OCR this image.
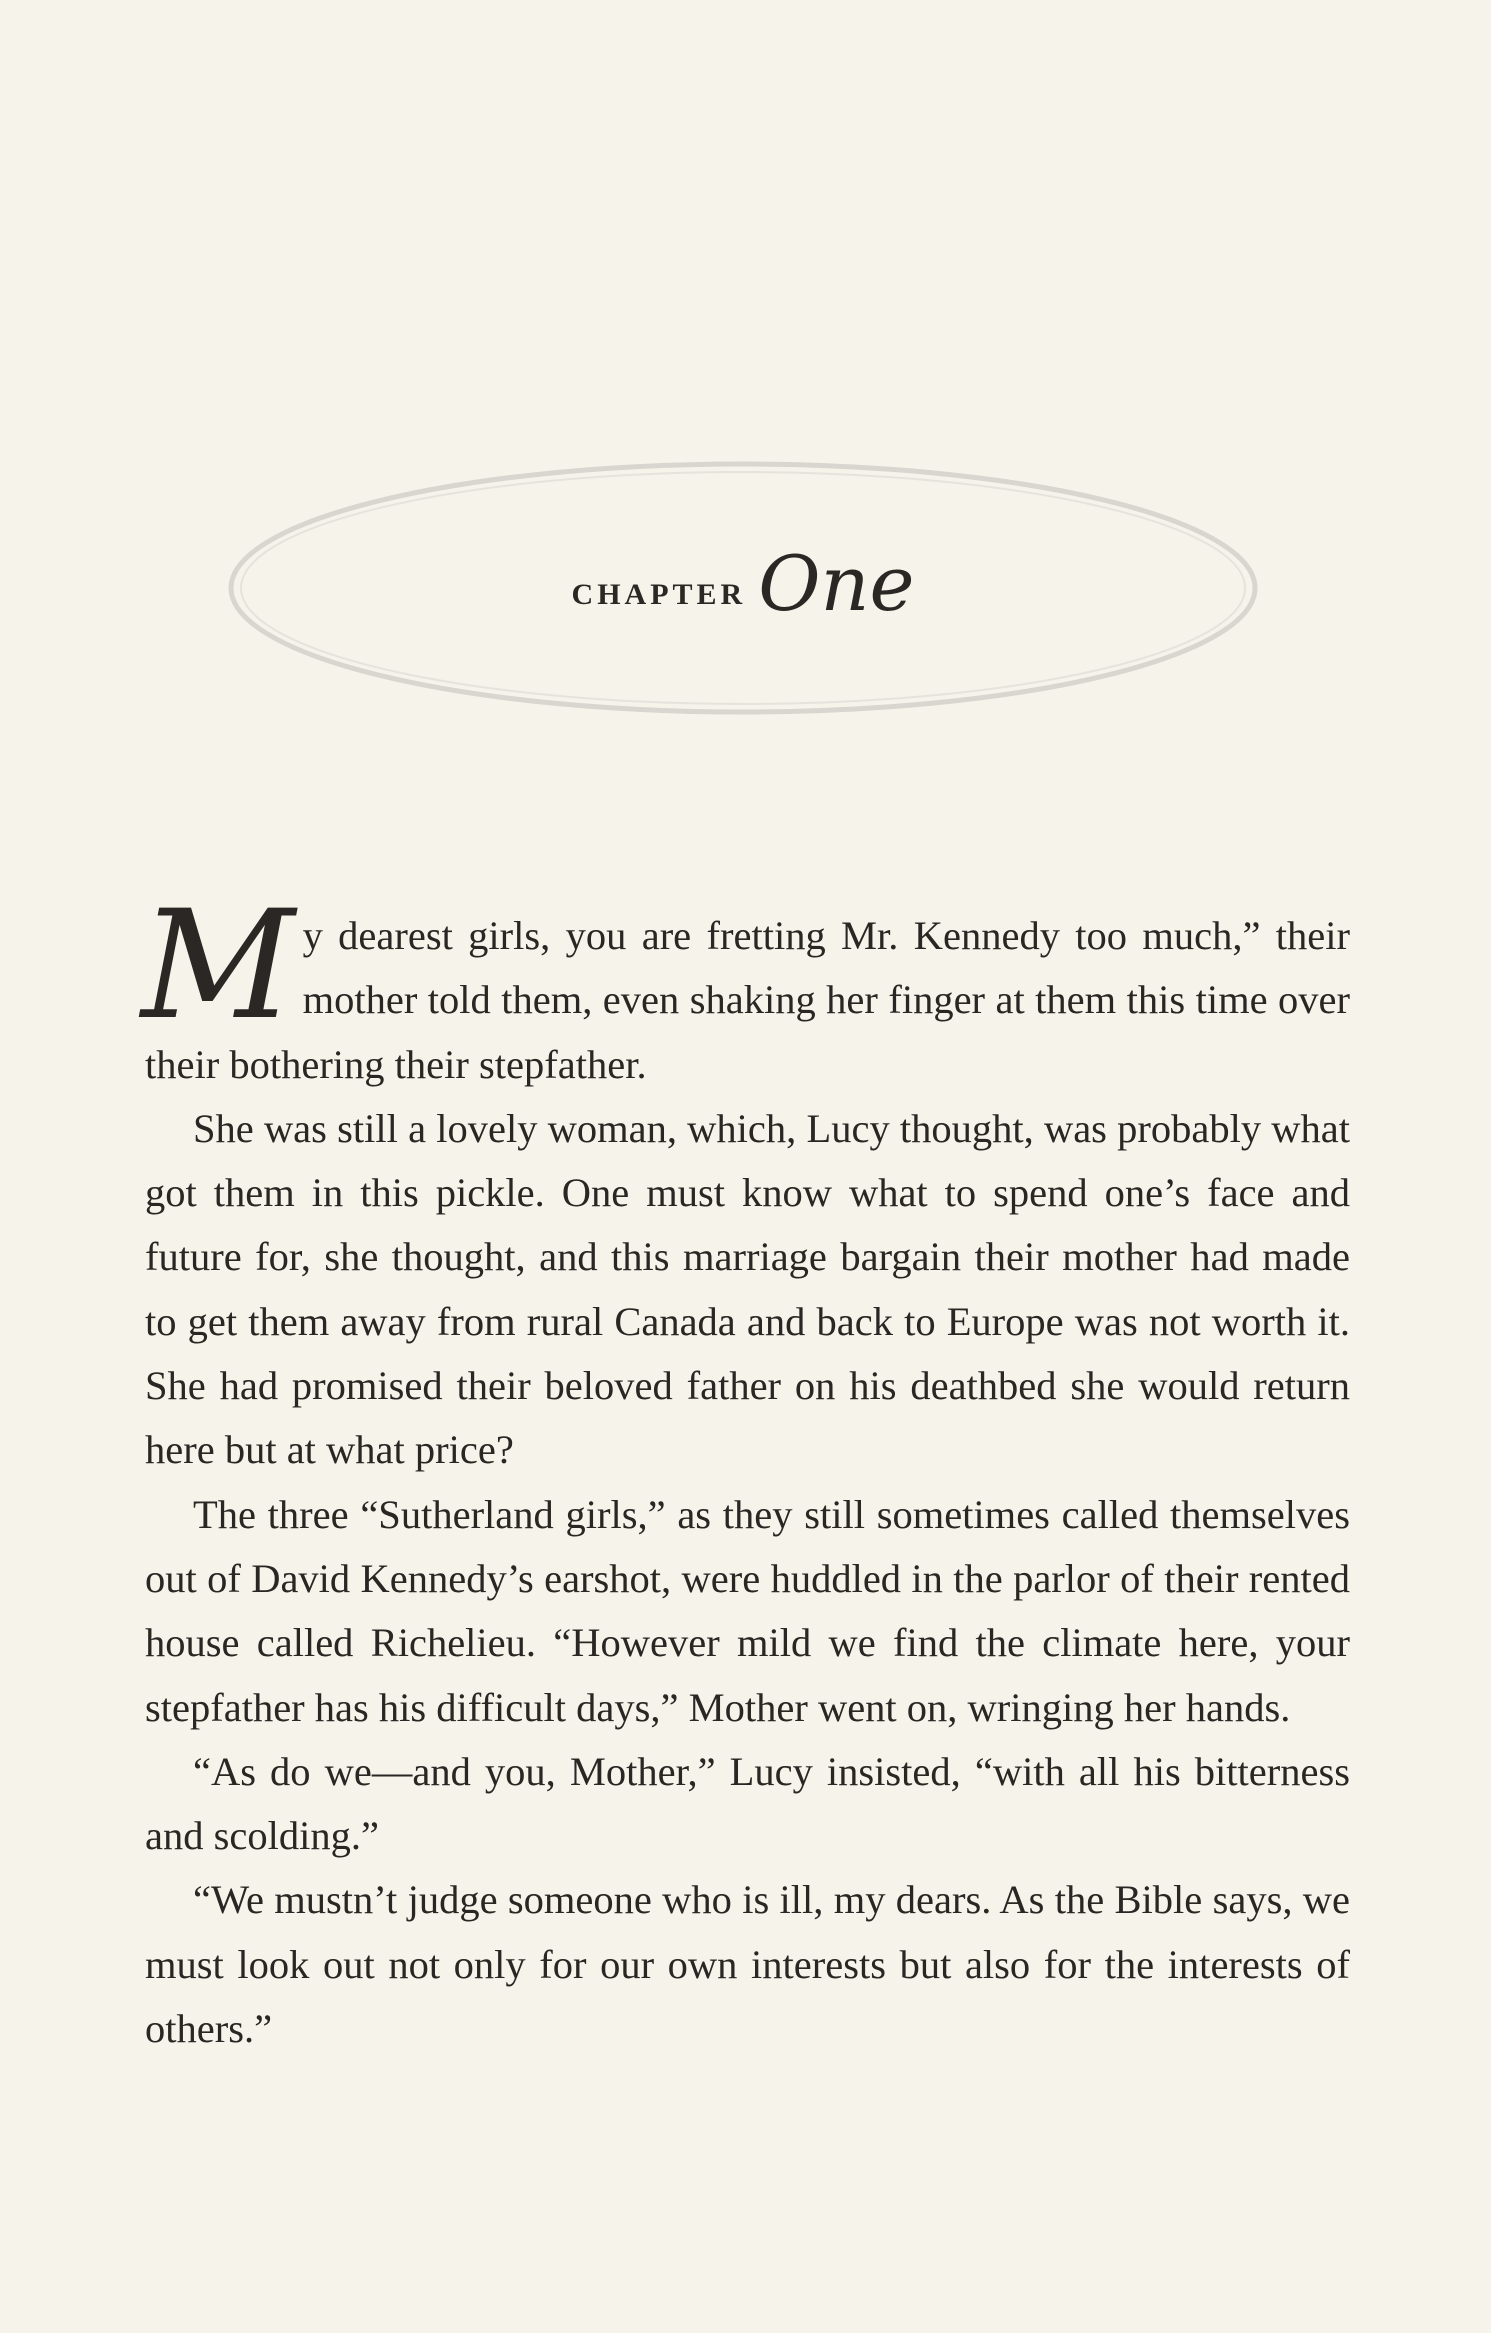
CHAPTER One

My dearest girls, you are fretting Mr. Kennedy too much,” their mother told them, even shaking her finger at them this time over their bothering their stepfather.

She was still a lovely woman, which, Lucy thought, was probably what got them in this pickle. One must know what to spend one’s face and future for, she thought, and this marriage bargain their mother had made to get them away from rural Canada and back to Europe was not worth it. She had promised their beloved father on his deathbed she would return here but at what price?

The three “Sutherland girls,” as they still sometimes called themselves out of David Kennedy’s earshot, were huddled in the parlor of their rented house called Richelieu. “However mild we find the climate here, your stepfather has his difficult days,” Mother went on, wringing her hands.

“As do we—and you, Mother,” Lucy insisted, “with all his bitterness and scolding.”

“We mustn’t judge someone who is ill, my dears. As the Bible says, we must look out not only for our own interests but also for the interests of others.”
